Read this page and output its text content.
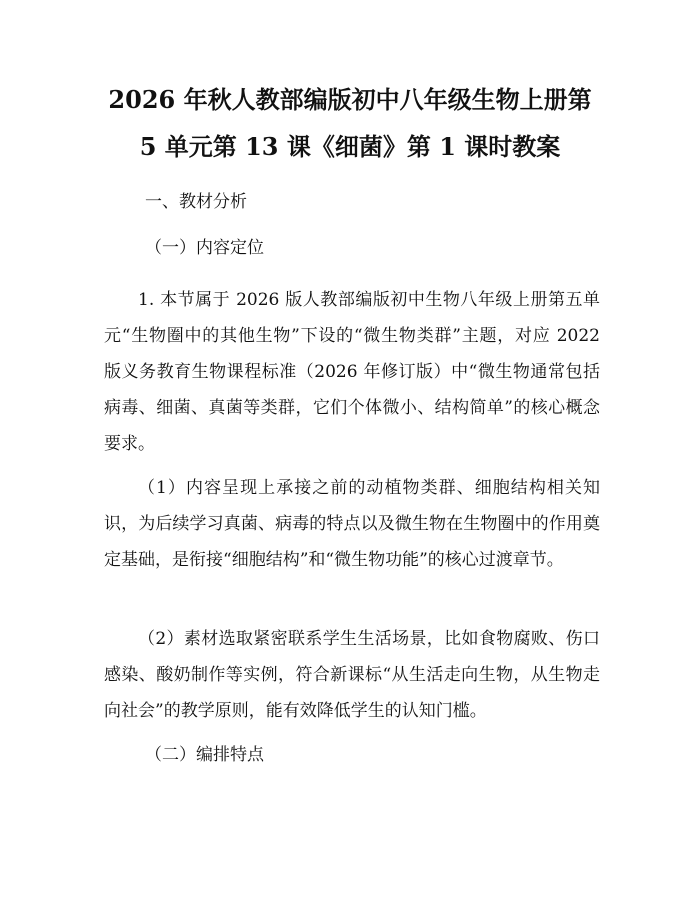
2026 年秋人教部编版初中八年级生物上册第
5 单元第 13 课《细菌》第 1 课时教案
一、教材分析
（一）内容定位

1. 本节属于 2026 版人教部编版初中生物八年级上册第五单元“生物圈中的其他生物”下设的“微生物类群”主题，对应 2022 版义务教育生物课程标准（2026 年修订版）中“微生物通常包括病毒、细菌、真菌等类群，它们个体微小、结构简单”的核心概念要求。

（1）内容呈现上承接之前的动植物类群、细胞结构相关知识，为后续学习真菌、病毒的特点以及微生物在生物圈中的作用奠定基础，是衔接“细胞结构”和“微生物功能”的核心过渡章节。

（2）素材选取紧密联系学生生活场景，比如食物腐败、伤口感染、酸奶制作等实例，符合新课标“从生活走向生物，从生物走向社会”的教学原则，能有效降低学生的认知门槛。

（二）编排特点
